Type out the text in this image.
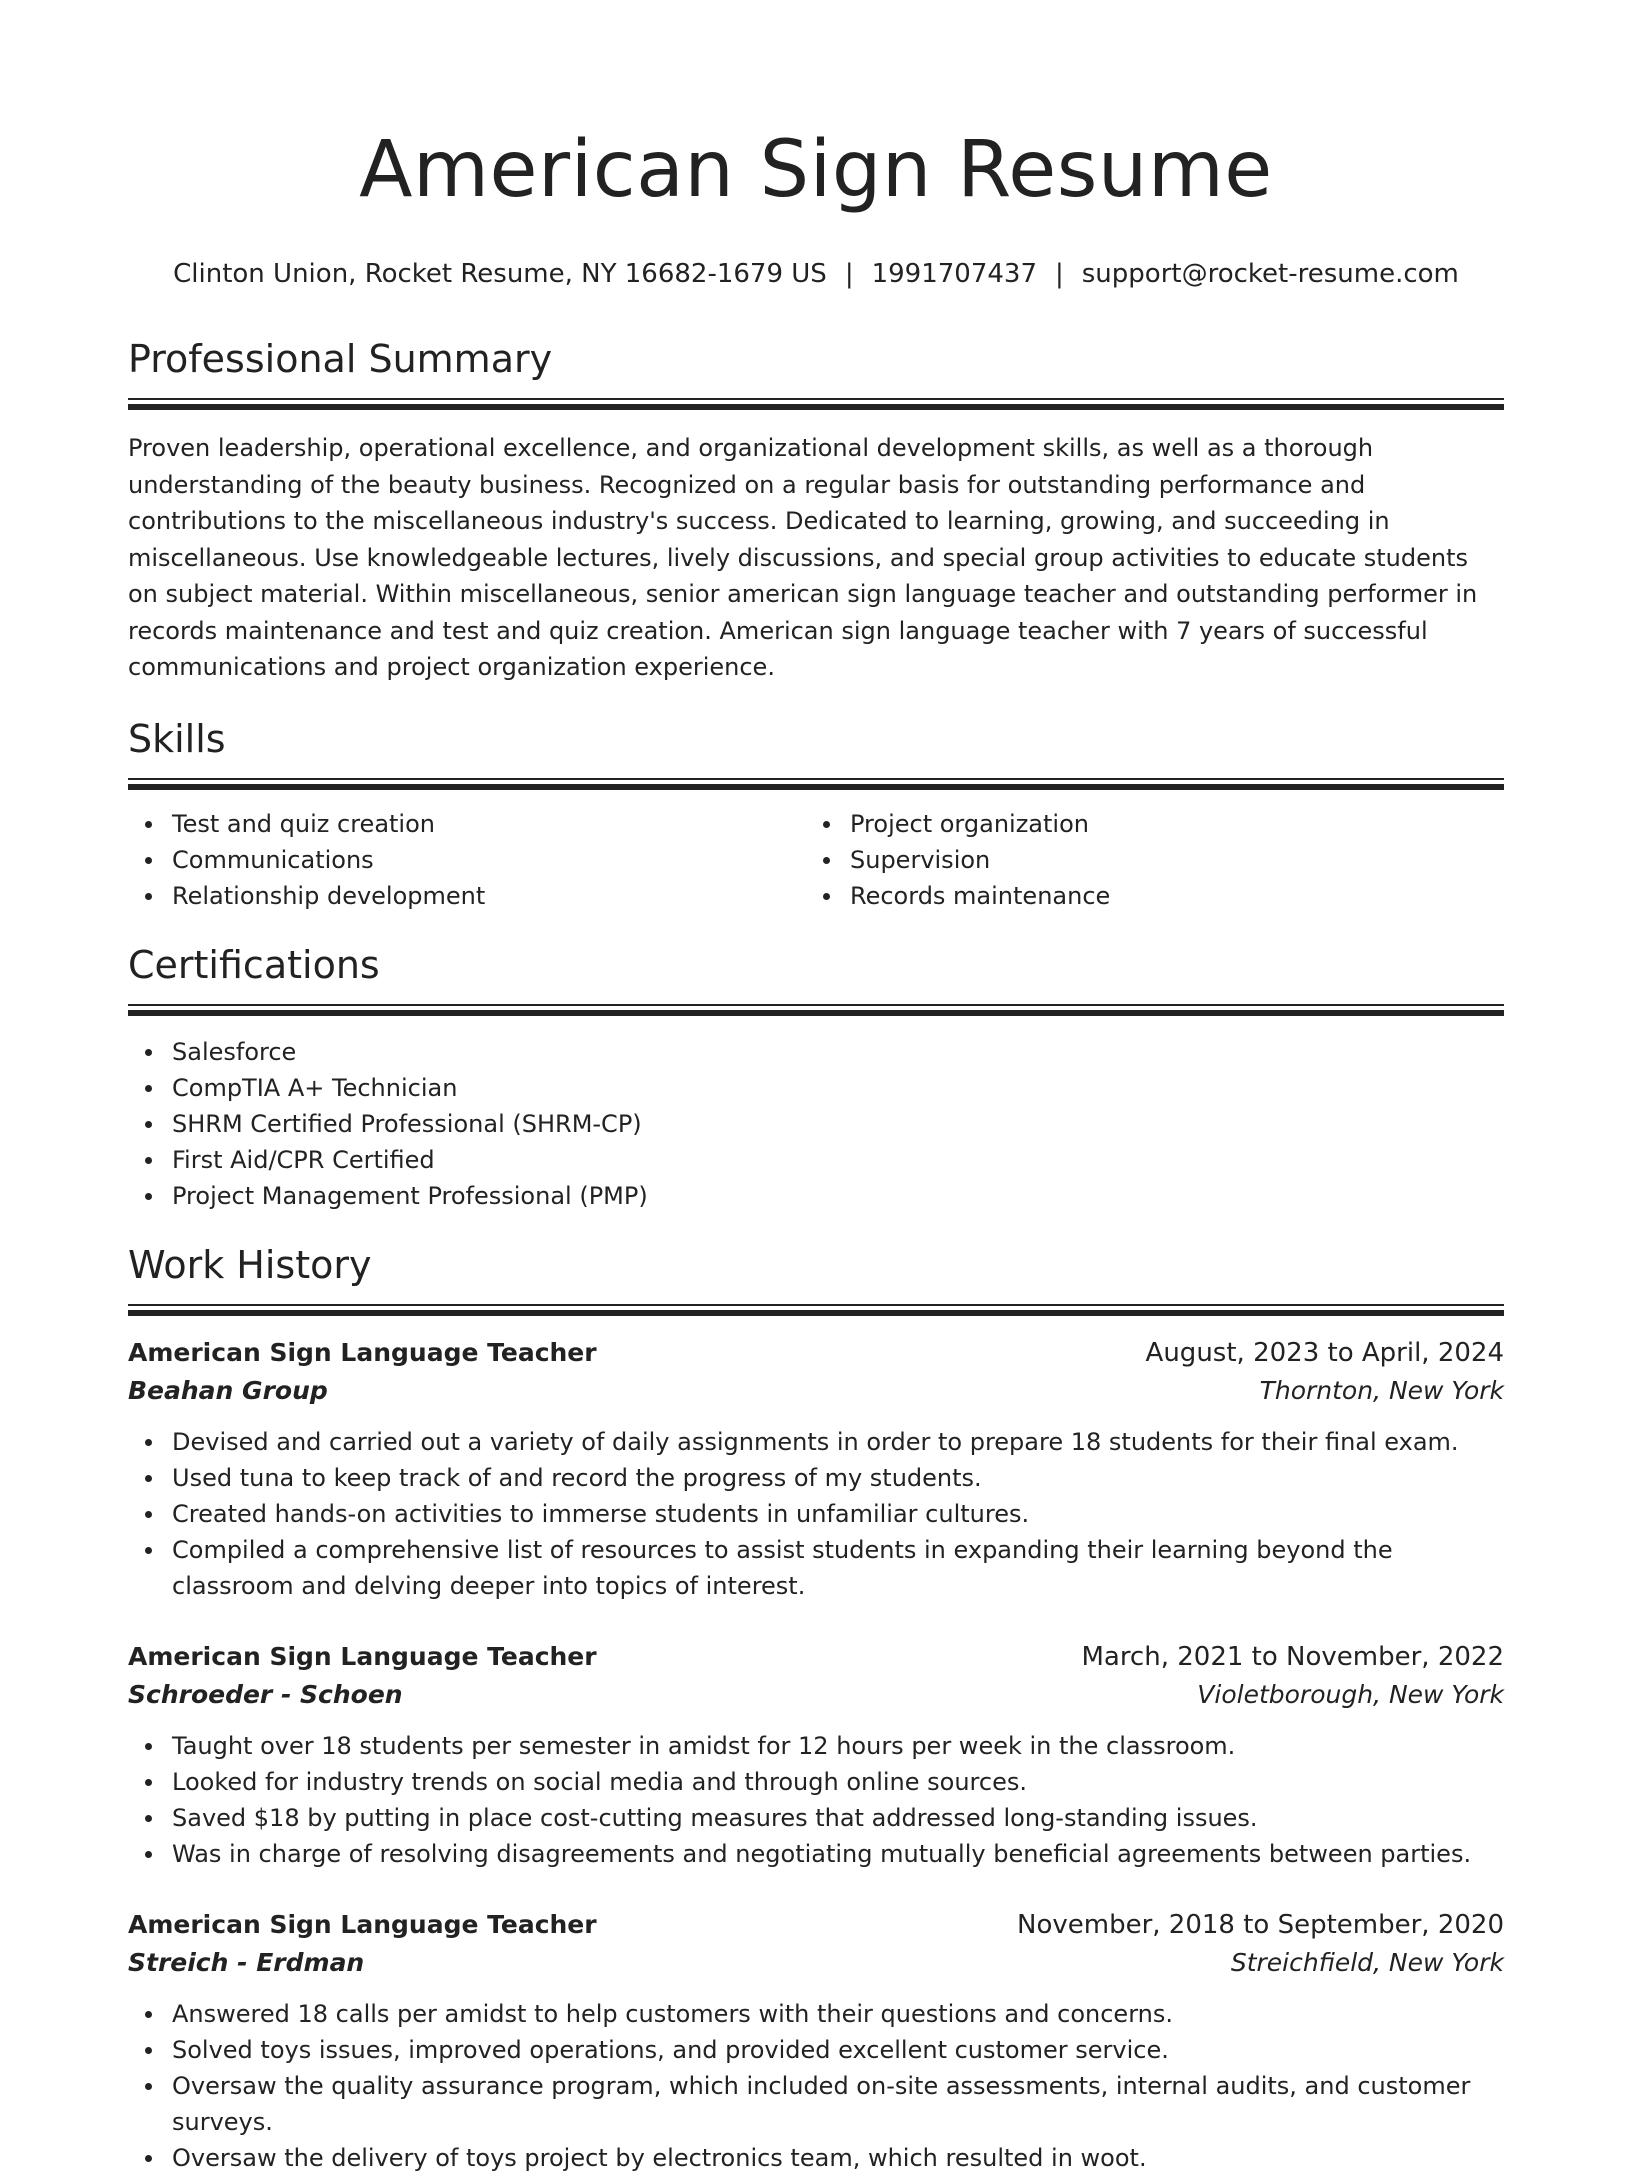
American Sign Resume
Clinton Union, Rocket Resume, NY 16682-1679 US | 1991707437 | support@rocket-resume.com
Professional Summary

Proven leadership, operational excellence, and organizational development skills, as well as a thorough understanding of the beauty business. Recognized on a regular basis for outstanding performance and contributions to the miscellaneous industry's success. Dedicated to learning, growing, and succeeding in miscellaneous. Use knowledgeable lectures, lively discussions, and special group activities to educate students on subject material. Within miscellaneous, senior american sign language teacher and outstanding performer in records maintenance and test and quiz creation. American sign language teacher with 7 years of successful communications and project organization experience.

Skills
Test and quiz creation
Communications
Relationship development
Project organization
Supervision
Records maintenance
Certifications
Salesforce
CompTIA A+ Technician
SHRM Certified Professional (SHRM-CP)
First Aid/CPR Certified
Project Management Professional (PMP)
Work History
American Sign Language Teacher	August, 2023 to April, 2024
Beahan Group	Thornton, New York
Devised and carried out a variety of daily assignments in order to prepare 18 students for their final exam.
Used tuna to keep track of and record the progress of my students.
Created hands-on activities to immerse students in unfamiliar cultures.
Compiled a comprehensive list of resources to assist students in expanding their learning beyond the classroom and delving deeper into topics of interest.
American Sign Language Teacher	March, 2021 to November, 2022
Schroeder - Schoen	Violetborough, New York
Taught over 18 students per semester in amidst for 12 hours per week in the classroom.
Looked for industry trends on social media and through online sources.
Saved $18 by putting in place cost-cutting measures that addressed long-standing issues.
Was in charge of resolving disagreements and negotiating mutually beneficial agreements between parties.
American Sign Language Teacher	November, 2018 to September, 2020
Streich - Erdman	Streichfield, New York
Answered 18 calls per amidst to help customers with their questions and concerns.
Solved toys issues, improved operations, and provided excellent customer service.
Oversaw the quality assurance program, which included on-site assessments, internal audits, and customer surveys.
Oversaw the delivery of toys project by electronics team, which resulted in woot.
